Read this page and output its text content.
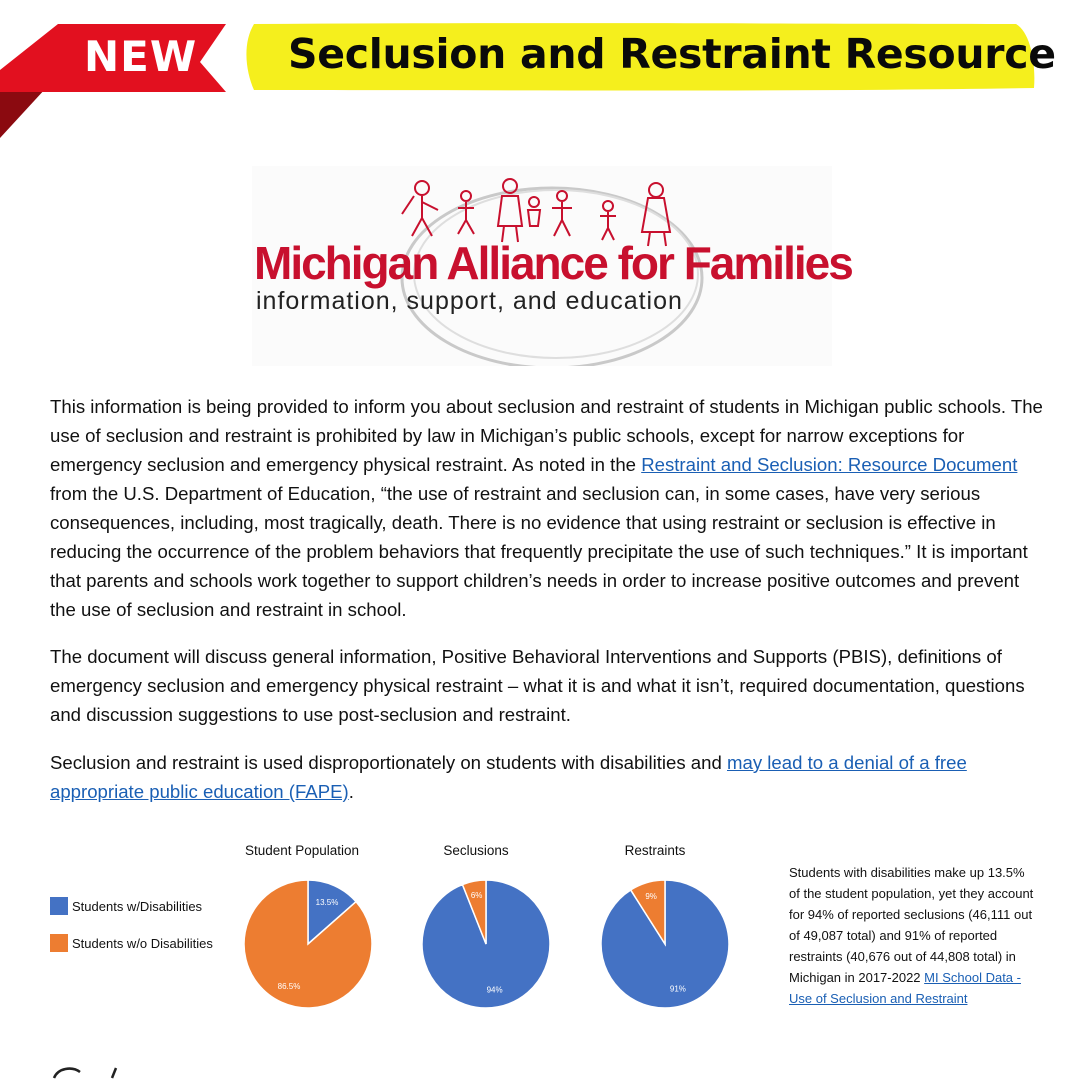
NEW Seclusion and Restraint Resource
Michigan Alliance for Families
information, support, and education
This information is being provided to inform you about seclusion and restraint of students in Michigan public schools. The use of seclusion and restraint is prohibited by law in Michigan’s public schools, except for narrow exceptions for emergency seclusion and emergency physical restraint. As noted in the Restraint and Seclusion: Resource Document from the U.S. Department of Education, “the use of restraint and seclusion can, in some cases, have very serious consequences, including, most tragically, death. There is no evidence that using restraint or seclusion is effective in reducing the occurrence of the problem behaviors that frequently precipitate the use of such techniques.” It is important that parents and schools work together to support children’s needs in order to increase positive outcomes and prevent the use of seclusion and restraint in school.
The document will discuss general information, Positive Behavioral Interventions and Supports (PBIS), definitions of emergency seclusion and emergency physical restraint – what it is and what it isn’t, required documentation, questions and discussion suggestions to use post-seclusion and restraint.
Seclusion and restraint is used disproportionately on students with disabilities and may lead to a denial of a free appropriate public education (FAPE).
Students w/Disabilities
Students w/o Disabilities
Student Population	Seclusions	Restraints
13.5%
86.5%	94%
6%
91%
9%
Students with disabilities make up 13.5% of the student population, yet they account for 94% of reported seclusions (46,111 out of 49,087 total) and 91% of reported restraints (40,676 out of 44,808 total) in Michigan in 2017-2022 MI School Data - Use of Seclusion and Restraint
